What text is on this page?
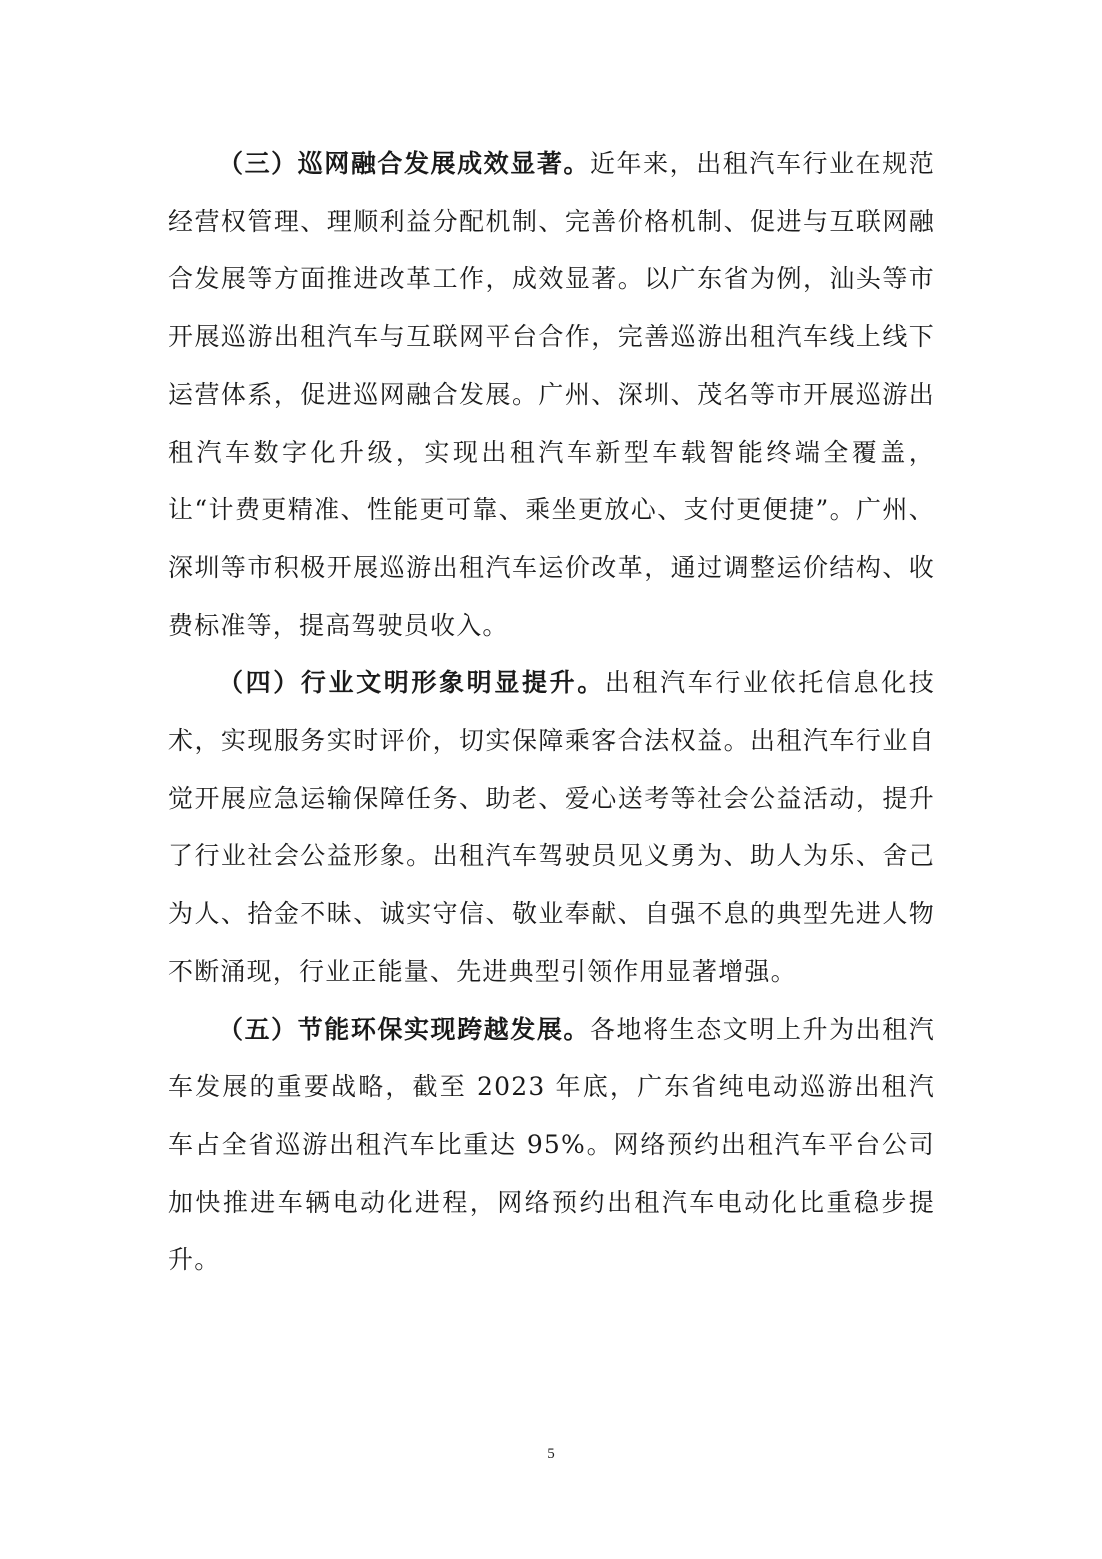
（三）巡网融合发展成效显著。近年来，出租汽车行业在规范经营权管理、理顺利益分配机制、完善价格机制、促进与互联网融合发展等方面推进改革工作，成效显著。以广东省为例，汕头等市开展巡游出租汽车与互联网平台合作，完善巡游出租汽车线上线下运营体系，促进巡网融合发展。广州、深圳、茂名等市开展巡游出租汽车数字化升级，实现出租汽车新型车载智能终端全覆盖，让“计费更精准、性能更可靠、乘坐更放心、支付更便捷”。广州、深圳等市积极开展巡游出租汽车运价改革，通过调整运价结构、收费标准等，提高驾驶员收入。

（四）行业文明形象明显提升。出租汽车行业依托信息化技术，实现服务实时评价，切实保障乘客合法权益。出租汽车行业自觉开展应急运输保障任务、助老、爱心送考等社会公益活动，提升了行业社会公益形象。出租汽车驾驶员见义勇为、助人为乐、舍己为人、拾金不昧、诚实守信、敬业奉献、自强不息的典型先进人物不断涌现，行业正能量、先进典型引领作用显著增强。

（五）节能环保实现跨越发展。各地将生态文明上升为出租汽车发展的重要战略，截至 2023 年底，广东省纯电动巡游出租汽车占全省巡游出租汽车比重达 95%。网络预约出租汽车平台公司加快推进车辆电动化进程，网络预约出租汽车电动化比重稳步提升。

5
